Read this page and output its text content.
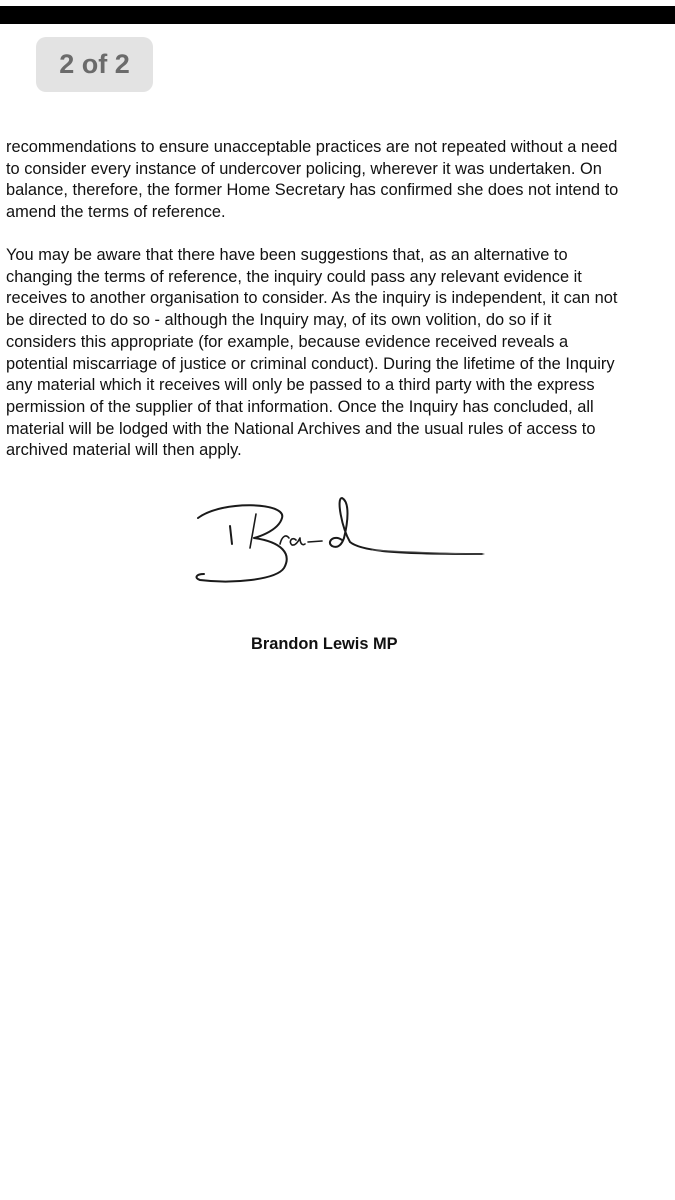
2 of 2
recommendations to ensure unacceptable practices are not repeated without a need
to consider every instance of undercover policing, wherever it was undertaken. On
balance, therefore, the former Home Secretary has confirmed she does not intend to
amend the terms of reference.
You may be aware that there have been suggestions that, as an alternative to
changing the terms of reference, the inquiry could pass any relevant evidence it
receives to another organisation to consider. As the inquiry is independent, it can not
be directed to do so - although the Inquiry may, of its own volition, do so if it
considers this appropriate (for example, because evidence received reveals a
potential miscarriage of justice or criminal conduct). During the lifetime of the Inquiry
any material which it receives will only be passed to a third party with the express
permission of the supplier of that information. Once the Inquiry has concluded, all
material will be lodged with the National Archives and the usual rules of access to
archived material will then apply.
Brandon Lewis MP
